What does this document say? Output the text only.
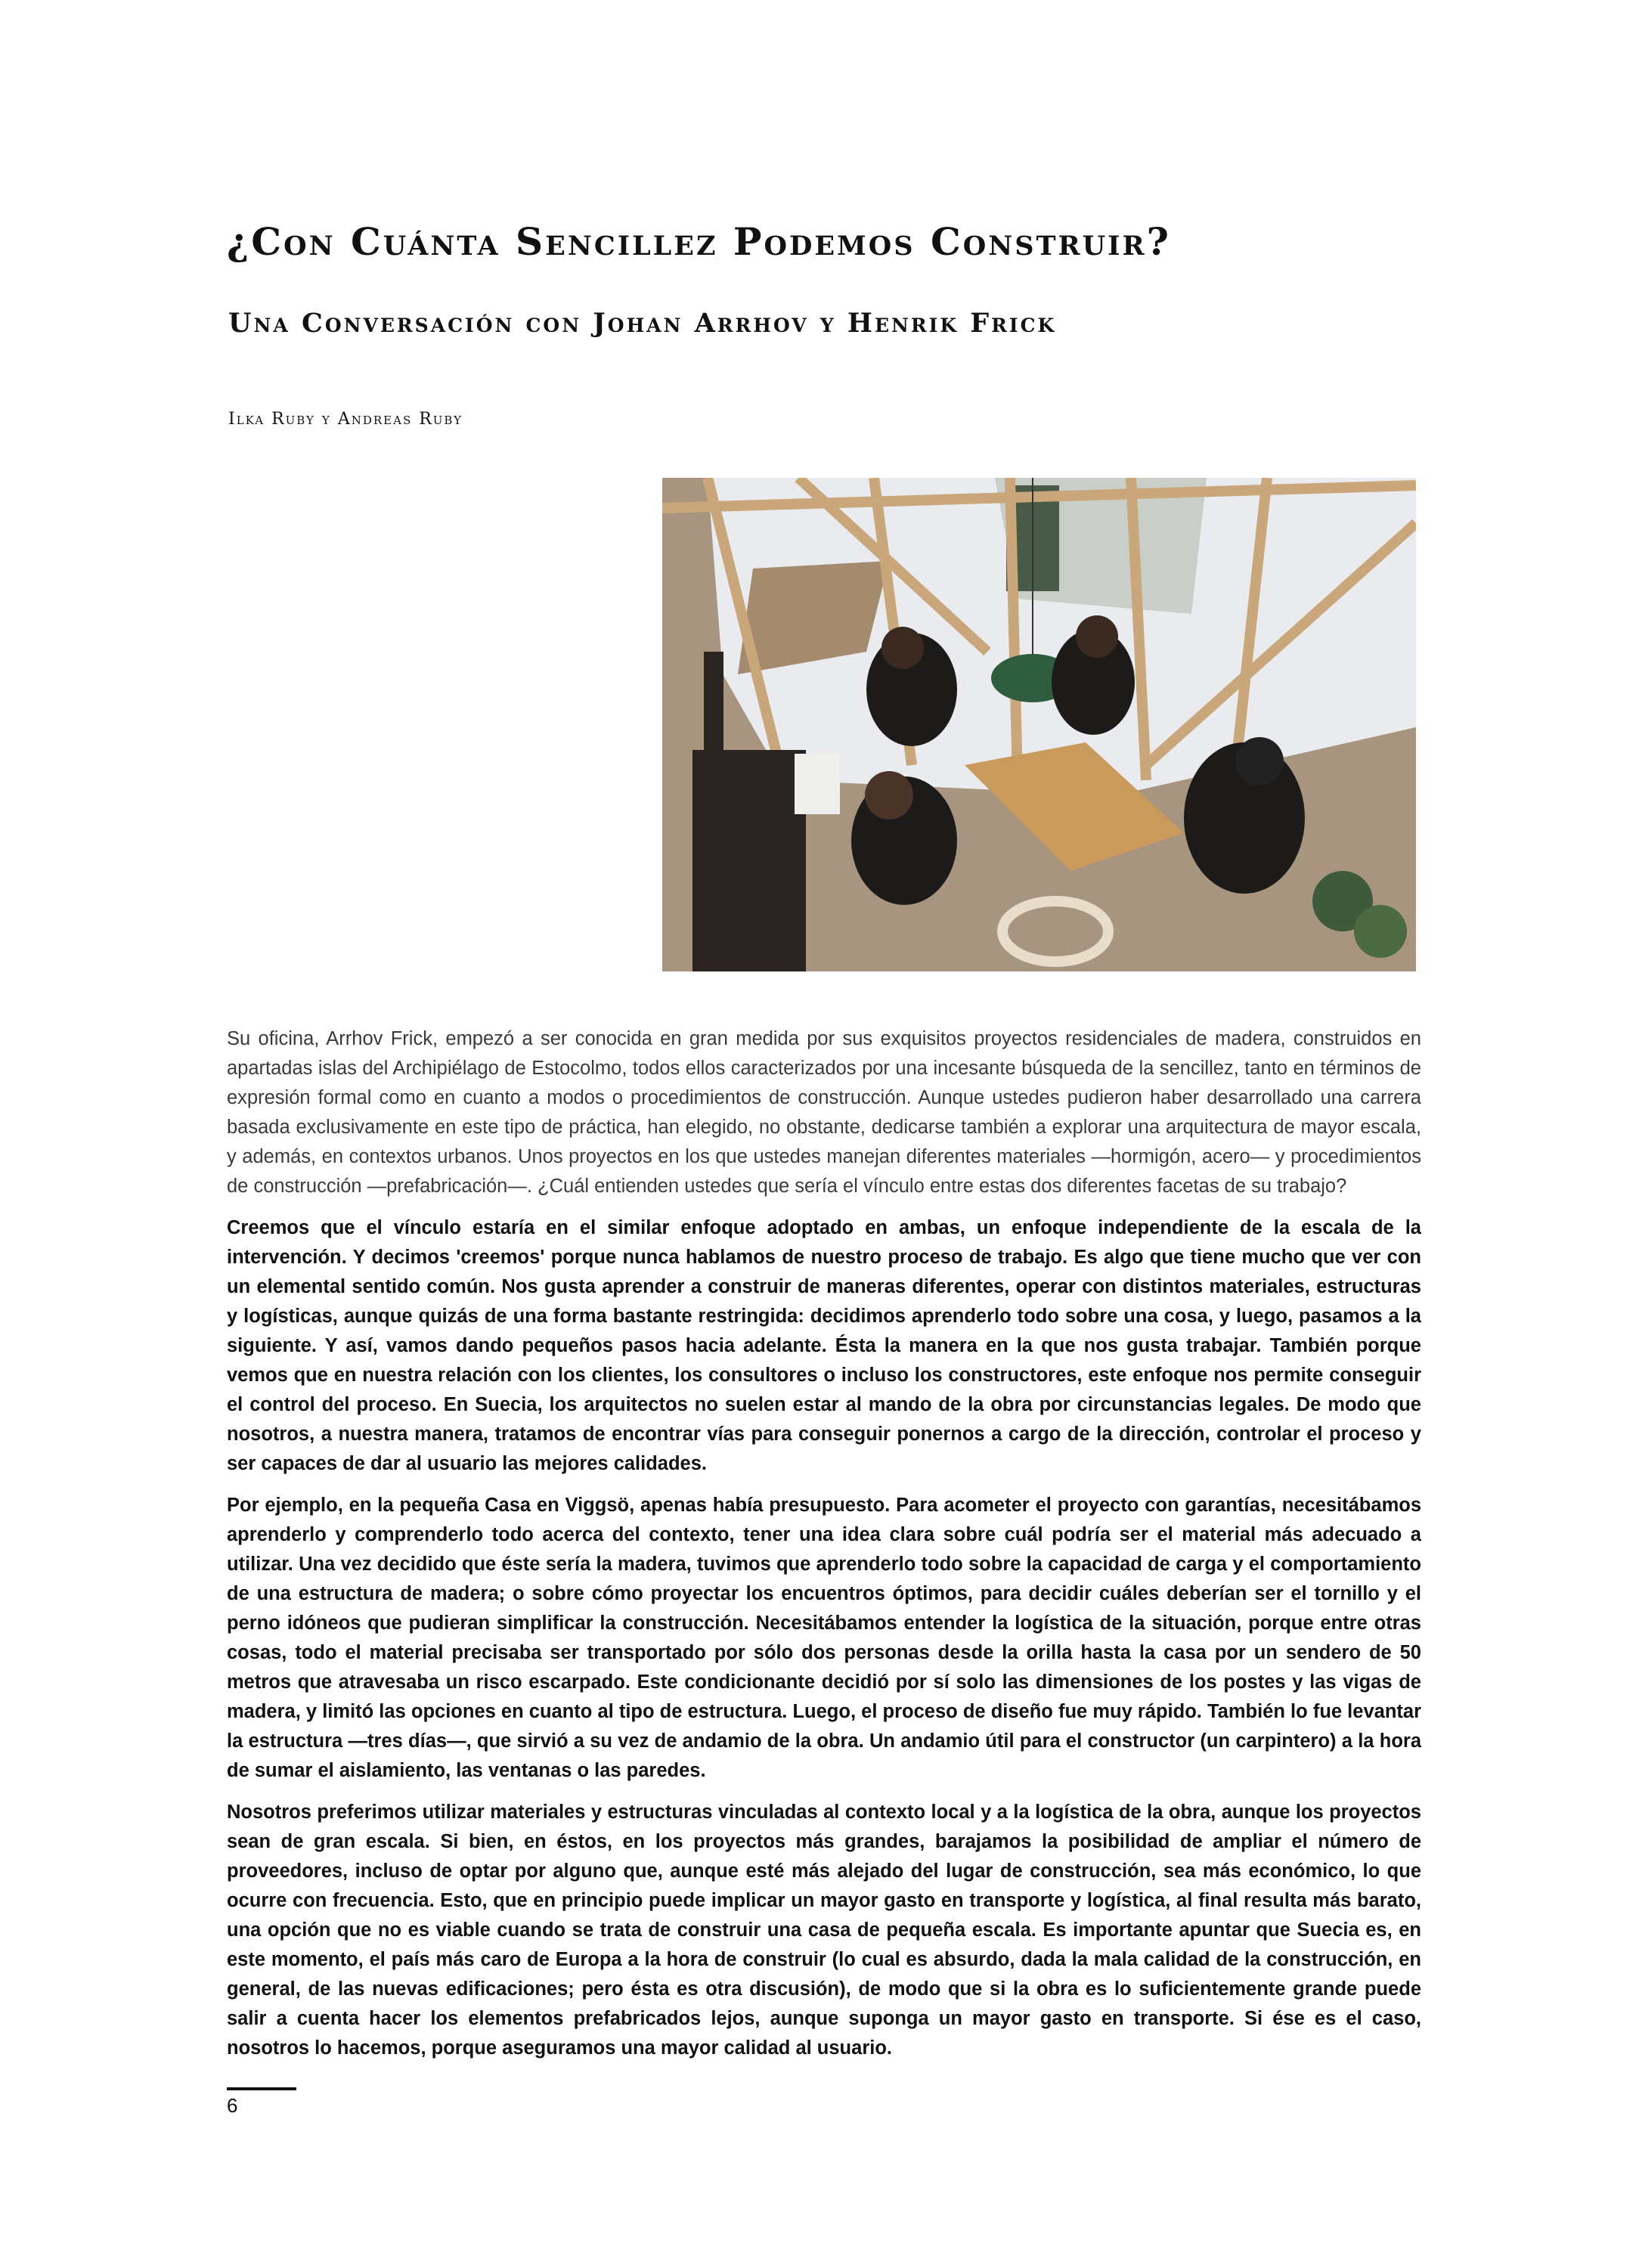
¿Con Cuánta Sencillez Podemos Construir?
Una Conversación con Johan Arrhov y Henrik Frick
Ilka Ruby y Andreas Ruby

Su oficina, Arrhov Frick, empezó a ser conocida en gran medida por sus exquisitos proyectos residenciales de madera, construidos en apartadas islas del Archipiélago de Estocolmo, todos ellos caracterizados por una incesante búsqueda de la sencillez, tanto en términos de expresión formal como en cuanto a modos o procedimientos de construcción. Aunque ustedes pudieron haber desarrollado una carrera basada exclusivamente en este tipo de práctica, han elegido, no obstante, dedicarse también a explorar una arquitectura de mayor escala, y además, en contextos urbanos. Unos proyectos en los que ustedes manejan diferentes materiales —hormigón, acero— y procedimientos de construcción —prefabricación—. ¿Cuál entienden ustedes que sería el vínculo entre estas dos diferentes facetas de su trabajo?

Creemos que el vínculo estaría en el similar enfoque adoptado en ambas, un enfoque independiente de la escala de la intervención. Y decimos 'creemos' porque nunca hablamos de nuestro proceso de trabajo. Es algo que tiene mucho que ver con un elemental sentido común. Nos gusta aprender a construir de maneras diferentes, operar con distintos materiales, estructuras y logísticas, aunque quizás de una forma bastante restringida: decidimos aprenderlo todo sobre una cosa, y luego, pasamos a la siguiente. Y así, vamos dando pequeños pasos hacia adelante. Ésta la manera en la que nos gusta trabajar. También porque vemos que en nuestra relación con los clientes, los consultores o incluso los constructores, este enfoque nos permite conseguir el control del proceso. En Suecia, los arquitectos no suelen estar al mando de la obra por circunstancias legales. De modo que nosotros, a nuestra manera, tratamos de encontrar vías para conseguir ponernos a cargo de la dirección, controlar el proceso y ser capaces de dar al usuario las mejores calidades.

Por ejemplo, en la pequeña Casa en Viggsö, apenas había presupuesto. Para acometer el proyecto con garantías, necesitábamos aprenderlo y comprenderlo todo acerca del contexto, tener una idea clara sobre cuál podría ser el material más adecuado a utilizar. Una vez decidido que éste sería la madera, tuvimos que aprenderlo todo sobre la capacidad de carga y el comportamiento de una estructura de madera; o sobre cómo proyectar los encuentros óptimos, para decidir cuáles deberían ser el tornillo y el perno idóneos que pudieran simplificar la construcción. Necesitábamos entender la logística de la situación, porque entre otras cosas, todo el material precisaba ser transportado por sólo dos personas desde la orilla hasta la casa por un sendero de 50 metros que atravesaba un risco escarpado. Este condicionante decidió por sí solo las dimensiones de los postes y las vigas de madera, y limitó las opciones en cuanto al tipo de estructura. Luego, el proceso de diseño fue muy rápido. También lo fue levantar la estructura —tres días—, que sirvió a su vez de andamio de la obra. Un andamio útil para el constructor (un carpintero) a la hora de sumar el aislamiento, las ventanas o las paredes.

Nosotros preferimos utilizar materiales y estructuras vinculadas al contexto local y a la logística de la obra, aunque los proyectos sean de gran escala. Si bien, en éstos, en los proyectos más grandes, barajamos la posibilidad de ampliar el número de proveedores, incluso de optar por alguno que, aunque esté más alejado del lugar de construcción, sea más económico, lo que ocurre con frecuencia. Esto, que en principio puede implicar un mayor gasto en transporte y logística, al final resulta más barato, una opción que no es viable cuando se trata de construir una casa de pequeña escala. Es importante apuntar que Suecia es, en este momento, el país más caro de Europa a la hora de construir (lo cual es absurdo, dada la mala calidad de la construcción, en general, de las nuevas edificaciones; pero ésta es otra discusión), de modo que si la obra es lo suficientemente grande puede salir a cuenta hacer los elementos prefabricados lejos, aunque suponga un mayor gasto en transporte. Si ése es el caso, nosotros lo hacemos, porque aseguramos una mayor calidad al usuario.

6
